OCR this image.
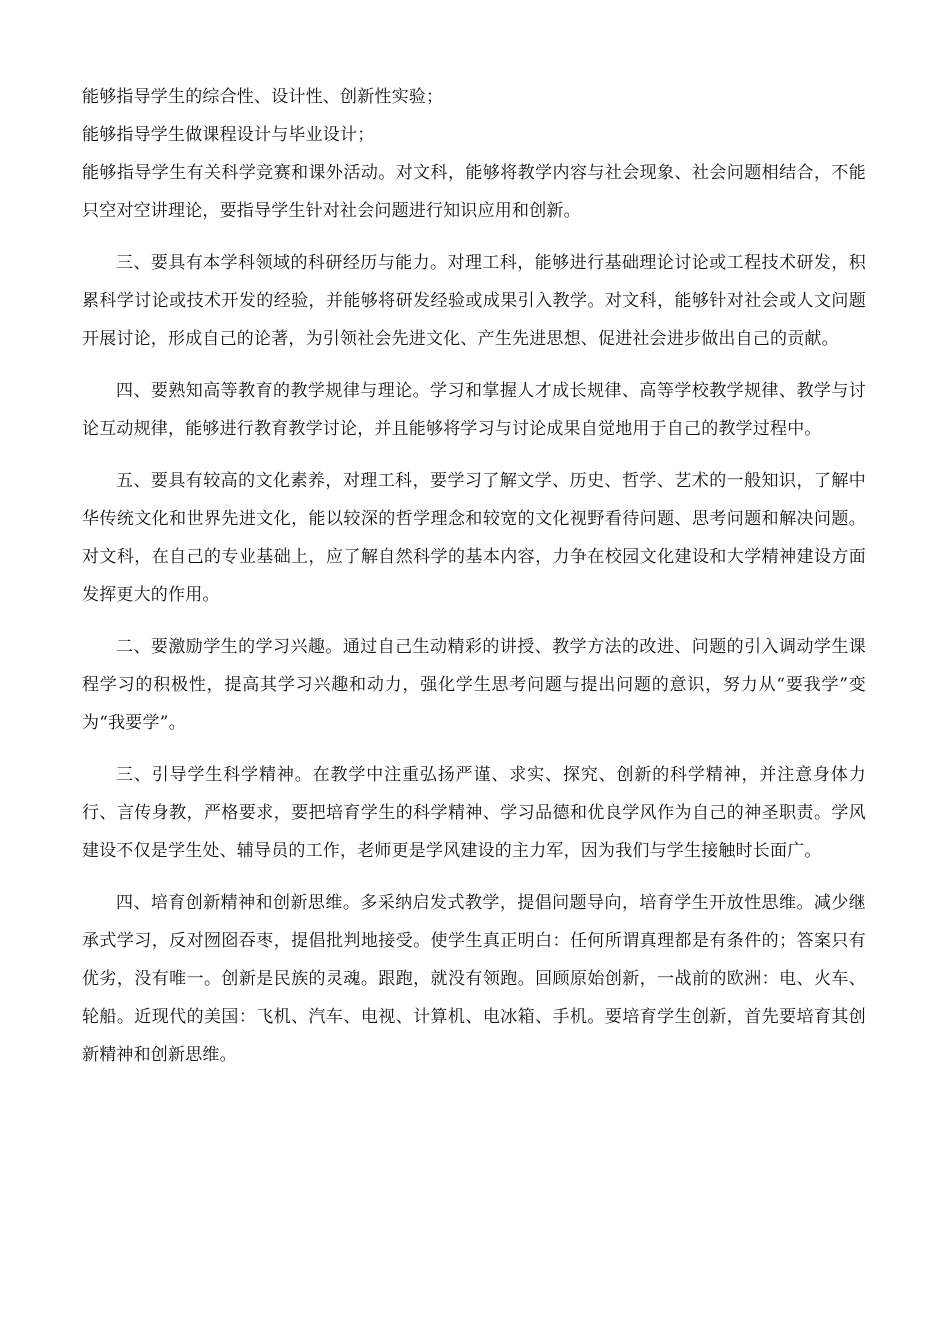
能够指导学生的综合性、设计性、创新性实验；

能够指导学生做课程设计与毕业设计；

能够指导学生有关科学竞赛和课外活动。对文科，能够将教学内容与社会现象、社会问题相结合，不能只空对空讲理论，要指导学生针对社会问题进行知识应用和创新。

三、要具有本学科领域的科研经历与能力。对理工科，能够进行基础理论讨论或工程技术研发，积累科学讨论或技术开发的经验，并能够将研发经验或成果引入教学。对文科，能够针对社会或人文问题开展讨论，形成自己的论著，为引领社会先进文化、产生先进思想、促进社会进步做出自己的贡献。

四、要熟知高等教育的教学规律与理论。学习和掌握人才成长规律、高等学校教学规律、教学与讨论互动规律，能够进行教育教学讨论，并且能够将学习与讨论成果自觉地用于自己的教学过程中。

五、要具有较高的文化素养，对理工科，要学习了解文学、历史、哲学、艺术的一般知识，了解中华传统文化和世界先进文化，能以较深的哲学理念和较宽的文化视野看待问题、思考问题和解决问题。对文科，在自己的专业基础上，应了解自然科学的基本内容，力争在校园文化建设和大学精神建设方面发挥更大的作用。

二、要激励学生的学习兴趣。通过自己生动精彩的讲授、教学方法的改进、问题的引入调动学生课程学习的积极性，提高其学习兴趣和动力，强化学生思考问题与提出问题的意识，努力从“要我学”变为“我要学”。

三、引导学生科学精神。在教学中注重弘扬严谨、求实、探究、创新的科学精神，并注意身体力行、言传身教，严格要求，要把培育学生的科学精神、学习品德和优良学风作为自己的神圣职责。学风建设不仅是学生处、辅导员的工作，老师更是学风建设的主力军，因为我们与学生接触时长面广。

四、培育创新精神和创新思维。多采纳启发式教学，提倡问题导向，培育学生开放性思维。减少继承式学习，反对囫囵吞枣，提倡批判地接受。使学生真正明白：任何所谓真理都是有条件的；答案只有优劣，没有唯一。创新是民族的灵魂。跟跑，就没有领跑。回顾原始创新，一战前的欧洲：电、火车、轮船。近现代的美国：飞机、汽车、电视、计算机、电冰箱、手机。要培育学生创新，首先要培育其创新精神和创新思维。
